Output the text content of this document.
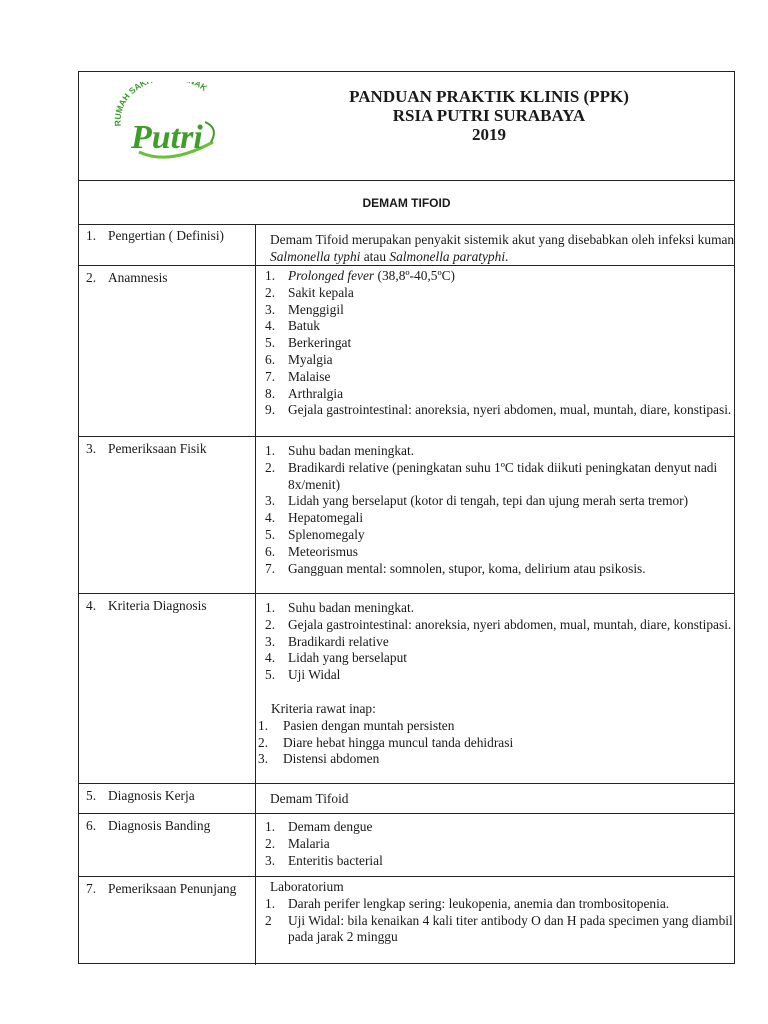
RUMAH SAK AK
Putri
PANDUAN PRAKTIK KLINIS (PPK)
RSIA PUTRI SURABAYA
2019
DEMAM TIFOID
1. Pengertian ( Definisi)	Demam Tifoid merupakan penyakit sistemik akut yang disebabkan oleh infeksi kuman Salmonella typhi atau Salmonella paratyphi.
2. Anamnesis	1. Prolonged fever (38,8º-40,5ºC)
2. Sakit kepala
3. Menggigil
4. Batuk
5. Berkeringat
6. Myalgia
7. Malaise
8. Arthralgia
9. Gejala gastrointestinal: anoreksia, nyeri abdomen, mual, muntah, diare, konstipasi.
3. Pemeriksaan Fisik	1. Suhu badan meningkat.
2. Bradikardi relative (peningkatan suhu 1ºC tidak diikuti peningkatan denyut nadi 8x/menit)
3. Lidah yang berselaput (kotor di tengah, tepi dan ujung merah serta tremor)
4. Hepatomegali
5. Splenomegaly
6. Meteorismus
7. Gangguan mental: somnolen, stupor, koma, delirium atau psikosis.
4. Kriteria Diagnosis	1. Suhu badan meningkat.
2. Gejala gastrointestinal: anoreksia, nyeri abdomen, mual, muntah, diare, konstipasi.
3. Bradikardi relative
4. Lidah yang berselaput
5. Uji Widal
Kriteria rawat inap:
1. Pasien dengan muntah persisten
2. Diare hebat hingga muncul tanda dehidrasi
3. Distensi abdomen
5. Diagnosis Kerja	Demam Tifoid
6. Diagnosis Banding	1. Demam dengue
2. Malaria
3. Enteritis bacterial
7. Pemeriksaan Penunjang	Laboratorium
1. Darah perifer lengkap sering: leukopenia, anemia dan trombositopenia.
2 Uji Widal: bila kenaikan 4 kali titer antibody O dan H pada specimen yang diambil pada jarak 2 minggu
